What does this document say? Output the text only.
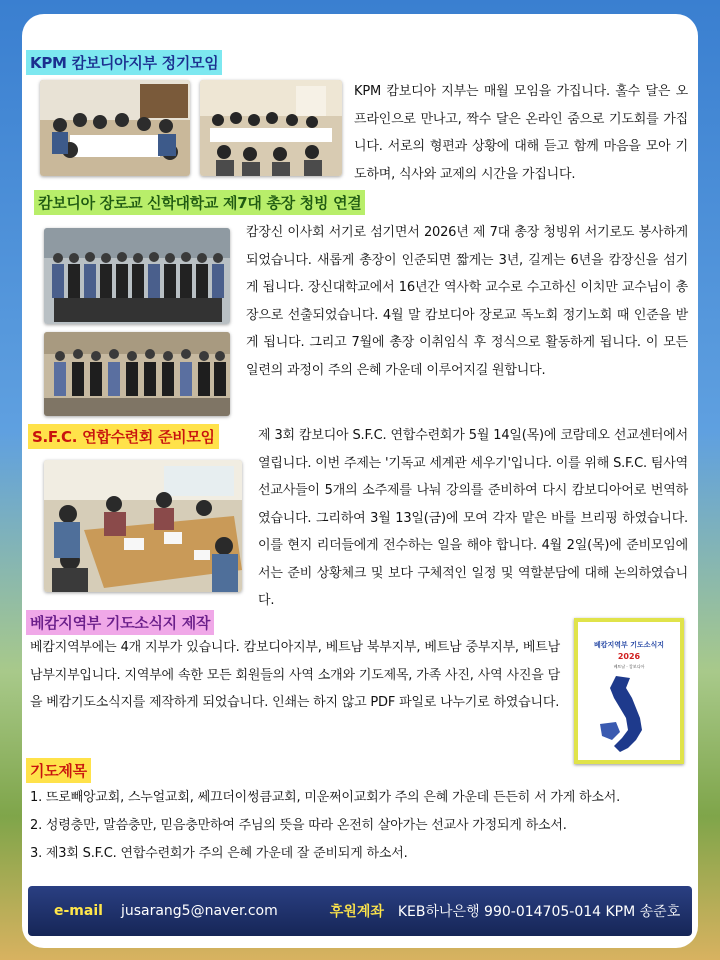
KPM 캄보디아지부 정기모임
KPM 캄보디아 지부는 매월 모임을 가집니다. 홀수 달은 오프라인으로 만나고, 짝수 달은 온라인 줌으로 기도회를 가집니다. 서로의 형편과 상황에 대해 듣고 함께 마음을 모아 기도하며, 식사와 교제의 시간을 가집니다.
캄보디아 장로교 신학대학교 제7대 총장 청빙 연결
캄장신 이사회 서기로 섬기면서 2026년 제 7대 총장 청빙위 서기로도 봉사하게 되었습니다. 새롭게 총장이 인준되면 짧게는 3년, 길게는 6년을 캄장신을 섬기게 됩니다. 장신대학교에서 16년간 역사학 교수로 수고하신 이치만 교수님이 총장으로 선출되었습니다. 4월 말 캄보디아 장로교 독노회 정기노회 때 인준을 받게 됩니다. 그리고 7월에 총장 이취임식 후 정식으로 활동하게 됩니다. 이 모든 일련의 과정이 주의 은혜 가운데 이루어지길 원합니다.
S.F.C. 연합수련회 준비모임	제 3회 캄보디아 S.F.C. 연합수련회가 5월 14일(목)에 코람데오 선교센터에서 열립니다. 이번 주제는 '기독교 세계관 세우기'입니다. 이를 위해 S.F.C. 팀사역 선교사들이 5개의 소주제를 나눠 강의를 준비하여 다시 캄보디아어로 번역하였습니다. 그리하여 3월 13일(금)에 모여 각자 맡은 바를 브리핑 하였습니다. 이를 현지 리더들에게 전수하는 일을 해야 합니다. 4월 2일(목)에 준비모임에서는 준비 상황체크 및 보다 구체적인 일정 및 역할분담에 대해 논의하였습니다.
베캄지역부 기도소식지 제작
베캄지역부에는 4개 지부가 있습니다. 캄보디아지부, 베트남 북부지부, 베트남 중부지부, 베트남 남부지부입니다. 지역부에 속한 모든 회원들의 사역 소개와 기도제목, 가족 사진, 사역 사진을 담을 베캄기도소식지를 제작하게 되었습니다. 인쇄는 하지 않고 PDF 파일로 나누기로 하였습니다.
베캄지역부 기도소식지
2026
베트남 · 캄보디아
기도제목
1. 뜨로빼앙교회, 스누얼교회, 쎄끄더이썽큼교회, 미운쩌이교회가 주의 은혜 가운데 든든히 서 가게 하소서.
2. 성령충만, 말씀충만, 믿음충만하여 주님의 뜻을 따라 온전히 살아가는 선교사 가정되게 하소서.
3. 제3회 S.F.C. 연합수련회가 주의 은혜 가운데 잘 준비되게 하소서.
e-mail jusarang5@naver.com	후원계좌 KEB하나은행 990-014705-014 KPM 송준호
